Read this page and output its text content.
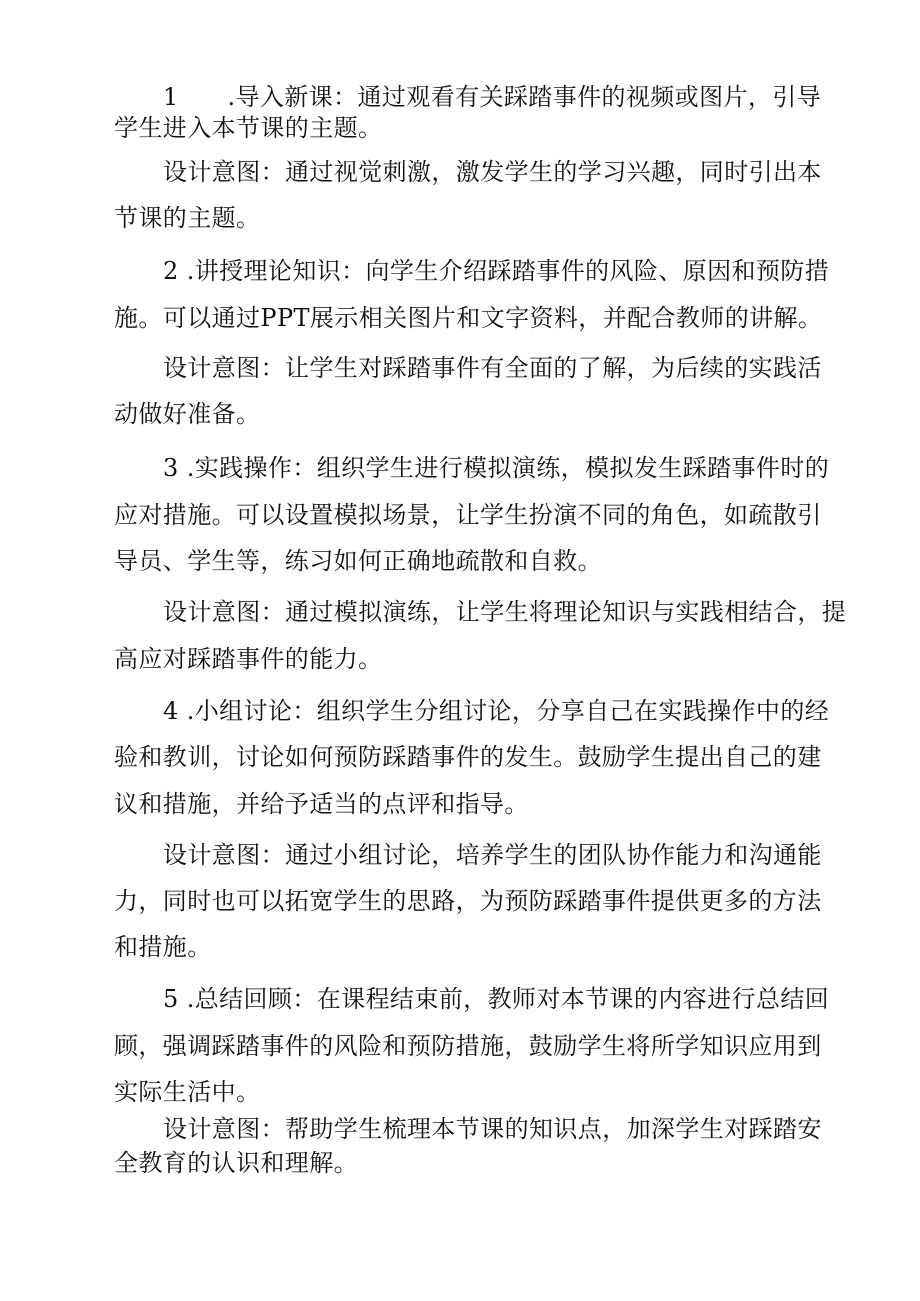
1　　.导入新课：通过观看有关踩踏事件的视频或图片，引导
学生进入本节课的主题。
设计意图：通过视觉刺激，激发学生的学习兴趣，同时引出本
节课的主题。
2 .讲授理论知识：向学生介绍踩踏事件的风险、原因和预防措
施。可以通过PPT展示相关图片和文字资料，并配合教师的讲解。
设计意图：让学生对踩踏事件有全面的了解，为后续的实践活
动做好准备。
3 .实践操作：组织学生进行模拟演练，模拟发生踩踏事件时的
应对措施。可以设置模拟场景，让学生扮演不同的角色，如疏散引
导员、学生等，练习如何正确地疏散和自救。
设计意图：通过模拟演练，让学生将理论知识与实践相结合，提
高应对踩踏事件的能力。
4 .小组讨论：组织学生分组讨论，分享自己在实践操作中的经
验和教训，讨论如何预防踩踏事件的发生。鼓励学生提出自己的建
议和措施，并给予适当的点评和指导。
设计意图：通过小组讨论，培养学生的团队协作能力和沟通能
力，同时也可以拓宽学生的思路，为预防踩踏事件提供更多的方法
和措施。
5 .总结回顾：在课程结束前，教师对本节课的内容进行总结回
顾，强调踩踏事件的风险和预防措施，鼓励学生将所学知识应用到
实际生活中。
设计意图：帮助学生梳理本节课的知识点，加深学生对踩踏安
全教育的认识和理解。
